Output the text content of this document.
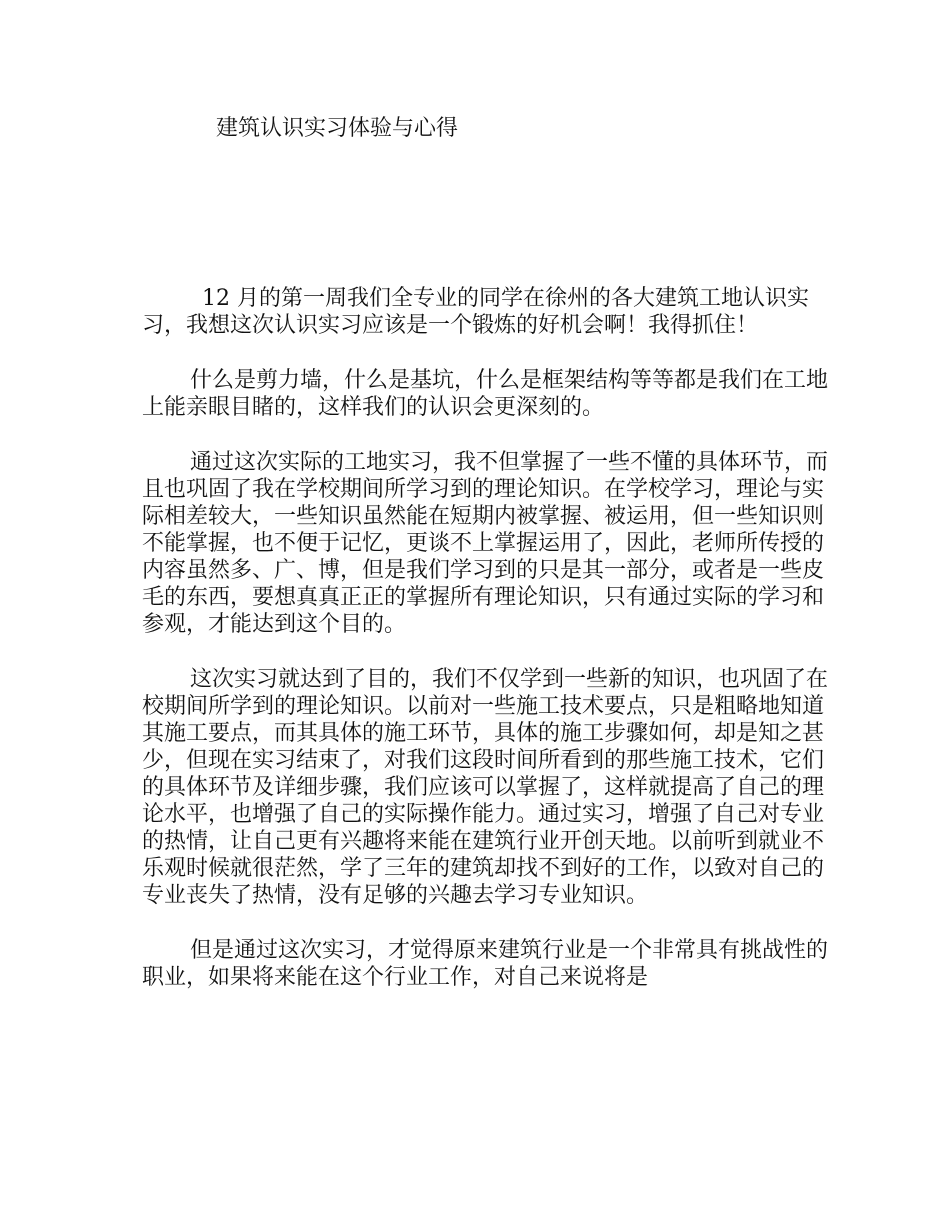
建筑认识实习体验与心得

12 月的第一周我们全专业的同学在徐州的各大建筑工地认识实习，我想这次认识实习应该是一个锻炼的好机会啊！我得抓住！

什么是剪力墙，什么是基坑，什么是框架结构等等都是我们在工地上能亲眼目睹的，这样我们的认识会更深刻的。

通过这次实际的工地实习，我不但掌握了一些不懂的具体环节，而且也巩固了我在学校期间所学习到的理论知识。在学校学习，理论与实际相差较大，一些知识虽然能在短期内被掌握、被运用，但一些知识则不能掌握，也不便于记忆，更谈不上掌握运用了，因此，老师所传授的内容虽然多、广、博，但是我们学习到的只是其一部分，或者是一些皮毛的东西，要想真真正正的掌握所有理论知识，只有通过实际的学习和参观，才能达到这个目的。

这次实习就达到了目的，我们不仅学到一些新的知识，也巩固了在校期间所学到的理论知识。以前对一些施工技术要点，只是粗略地知道其施工要点，而其具体的施工环节，具体的施工步骤如何，却是知之甚少，但现在实习结束了，对我们这段时间所看到的那些施工技术，它们的具体环节及详细步骤，我们应该可以掌握了，这样就提高了自己的理论水平，也增强了自己的实际操作能力。通过实习，增强了自己对专业的热情，让自己更有兴趣将来能在建筑行业开创天地。以前听到就业不乐观时候就很茫然，学了三年的建筑却找不到好的工作，以致对自己的专业丧失了热情，没有足够的兴趣去学习专业知识。

但是通过这次实习，才觉得原来建筑行业是一个非常具有挑战性的职业，如果将来能在这个行业工作，对自己来说将是
